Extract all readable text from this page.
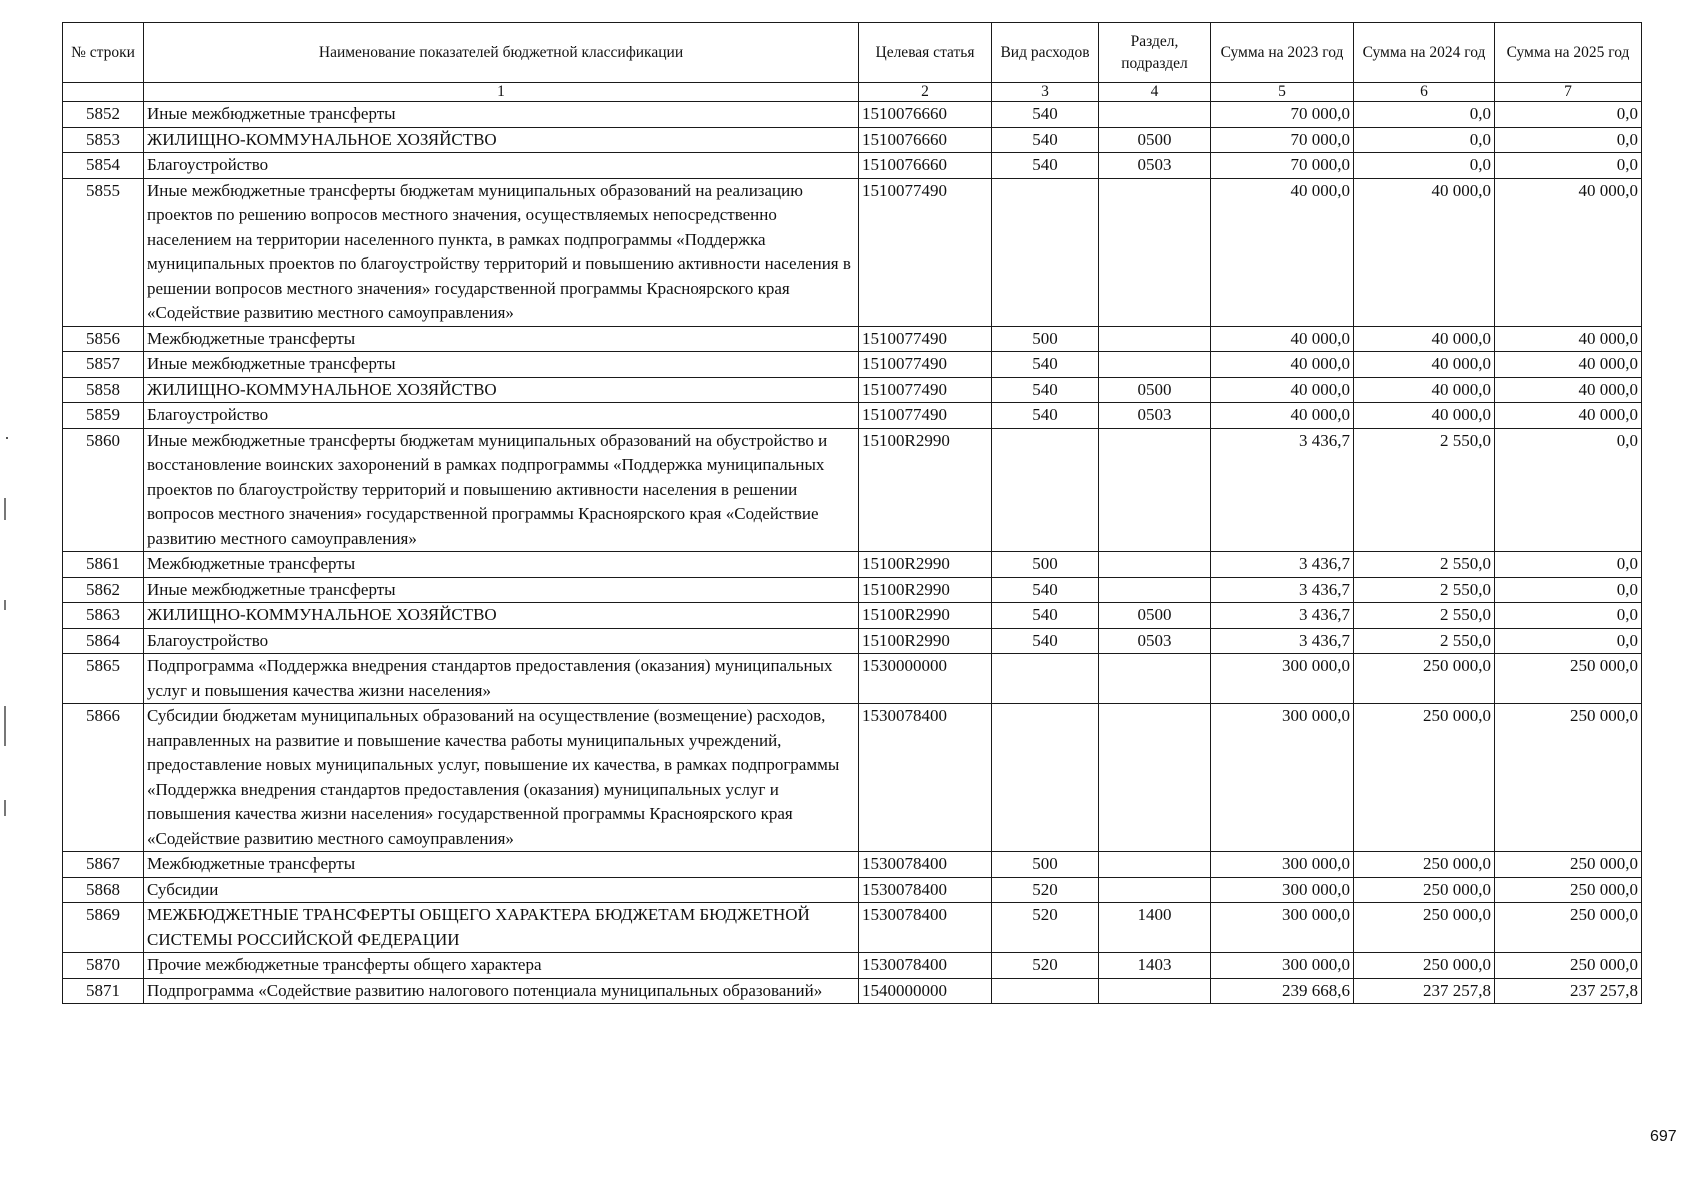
№ строки	Наименование показателей бюджетной классификации	Целевая статья	Вид расходов	Раздел, подраздел	Сумма на 2023 год	Сумма на 2024 год	Сумма на 2025 год
	1	2	3	4	5	6	7
5852	Иные межбюджетные трансферты	1510076660	540		70 000,0	0,0	0,0
5853	ЖИЛИЩНО-КОММУНАЛЬНОЕ ХОЗЯЙСТВО	1510076660	540	0500	70 000,0	0,0	0,0
5854	Благоустройство	1510076660	540	0503	70 000,0	0,0	0,0
5855	Иные межбюджетные трансферты бюджетам муниципальных образований на реализацию проектов по решению вопросов местного значения, осуществляемых непосредственно населением на территории населенного пункта, в рамках подпрограммы «Поддержка муниципальных проектов по благоустройству территорий и повышению активности населения в решении вопросов местного значения» государственной программы Красноярского края «Содействие развитию местного самоуправления»	1510077490			40 000,0	40 000,0	40 000,0
5856	Межбюджетные трансферты	1510077490	500		40 000,0	40 000,0	40 000,0
5857	Иные межбюджетные трансферты	1510077490	540		40 000,0	40 000,0	40 000,0
5858	ЖИЛИЩНО-КОММУНАЛЬНОЕ ХОЗЯЙСТВО	1510077490	540	0500	40 000,0	40 000,0	40 000,0
5859	Благоустройство	1510077490	540	0503	40 000,0	40 000,0	40 000,0
5860	Иные межбюджетные трансферты бюджетам муниципальных образований на обустройство и восстановление воинских захоронений в рамках подпрограммы «Поддержка муниципальных проектов по благоустройству территорий и повышению активности населения в решении вопросов местного значения» государственной программы Красноярского края «Содействие развитию местного самоуправления»	15100R2990			3 436,7	2 550,0	0,0
5861	Межбюджетные трансферты	15100R2990	500		3 436,7	2 550,0	0,0
5862	Иные межбюджетные трансферты	15100R2990	540		3 436,7	2 550,0	0,0
5863	ЖИЛИЩНО-КОММУНАЛЬНОЕ ХОЗЯЙСТВО	15100R2990	540	0500	3 436,7	2 550,0	0,0
5864	Благоустройство	15100R2990	540	0503	3 436,7	2 550,0	0,0
5865	Подпрограмма «Поддержка внедрения стандартов предоставления (оказания) муниципальных услуг и повышения качества жизни населения»	1530000000			300 000,0	250 000,0	250 000,0
5866	Субсидии бюджетам муниципальных образований на осуществление (возмещение) расходов, направленных на развитие и повышение качества работы муниципальных учреждений, предоставление новых муниципальных услуг, повышение их качества, в рамках подпрограммы «Поддержка внедрения стандартов предоставления (оказания) муниципальных услуг и повышения качества жизни населения» государственной программы Красноярского края «Содействие развитию местного самоуправления»	1530078400			300 000,0	250 000,0	250 000,0
5867	Межбюджетные трансферты	1530078400	500		300 000,0	250 000,0	250 000,0
5868	Субсидии	1530078400	520		300 000,0	250 000,0	250 000,0
5869	МЕЖБЮДЖЕТНЫЕ ТРАНСФЕРТЫ ОБЩЕГО ХАРАКТЕРА БЮДЖЕТАМ БЮДЖЕТНОЙ СИСТЕМЫ РОССИЙСКОЙ ФЕДЕРАЦИИ	1530078400	520	1400	300 000,0	250 000,0	250 000,0
5870	Прочие межбюджетные трансферты общего характера	1530078400	520	1403	300 000,0	250 000,0	250 000,0
5871	Подпрограмма «Содействие развитию налогового потенциала муниципальных образований»	1540000000			239 668,6	237 257,8	237 257,8
697
